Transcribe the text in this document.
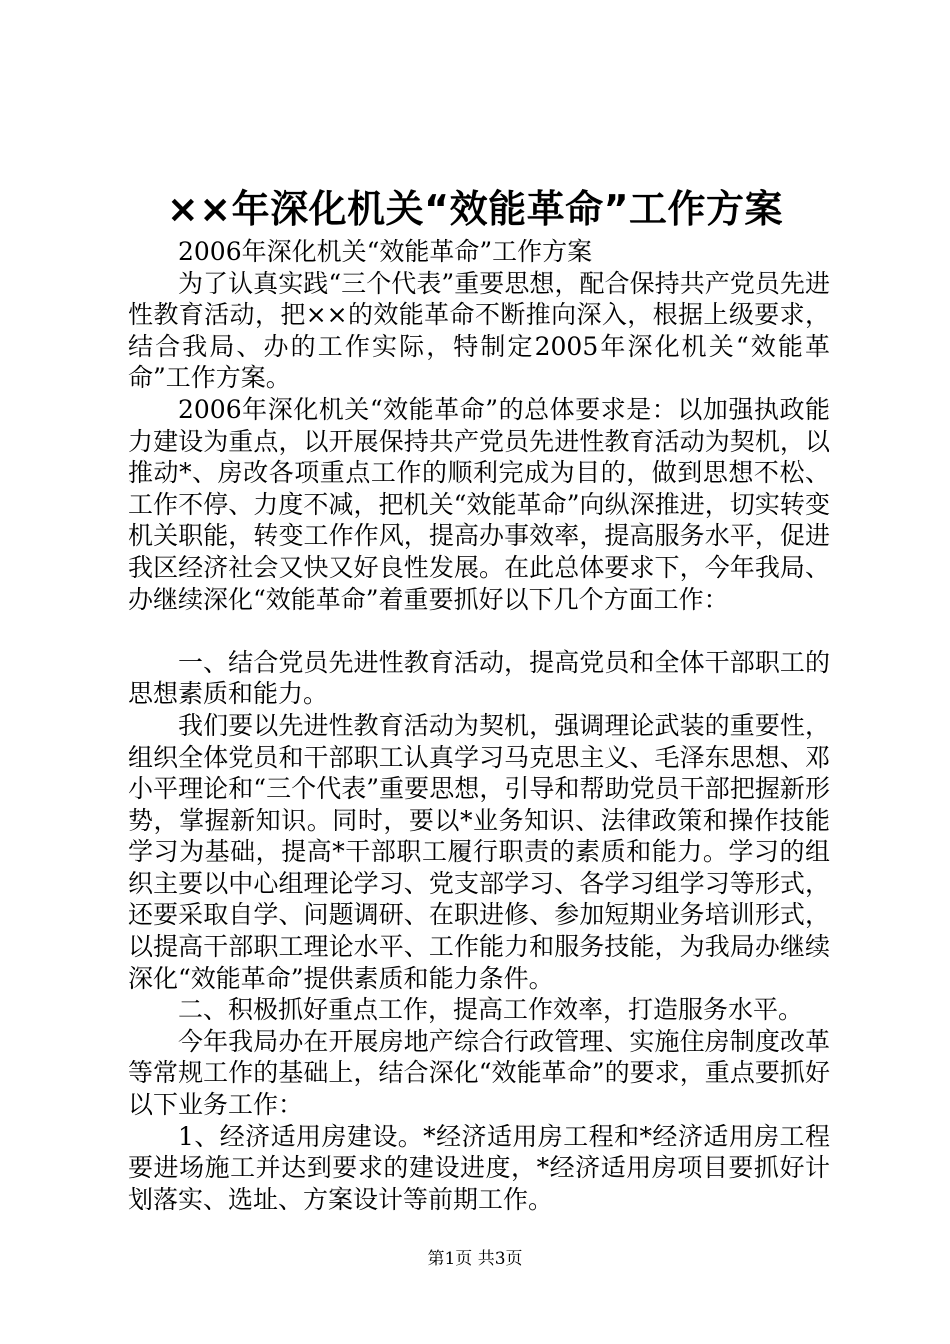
××年深化机关“效能革命”工作方案

2006年深化机关“效能革命”工作方案

为了认真实践“三个代表”重要思想，配合保持共产党员先进性教育活动，把××的效能革命不断推向深入，根据上级要求，结合我局、办的工作实际，特制定2005年深化机关“效能革命”工作方案。

2006年深化机关“效能革命”的总体要求是：以加强执政能力建设为重点，以开展保持共产党员先进性教育活动为契机，以推动*、房改各项重点工作的顺利完成为目的，做到思想不松、工作不停、力度不减，把机关“效能革命”向纵深推进，切实转变机关职能，转变工作作风，提高办事效率，提高服务水平，促进我区经济社会又快又好良性发展。在此总体要求下，今年我局、办继续深化“效能革命”着重要抓好以下几个方面工作：

一、结合党员先进性教育活动，提高党员和全体干部职工的思想素质和能力。

我们要以先进性教育活动为契机，强调理论武装的重要性，组织全体党员和干部职工认真学习马克思主义、毛泽东思想、邓小平理论和“三个代表”重要思想，引导和帮助党员干部把握新形势，掌握新知识。同时，要以*业务知识、法律政策和操作技能学习为基础，提高*干部职工履行职责的素质和能力。学习的组织主要以中心组理论学习、党支部学习、各学习组学习等形式，还要采取自学、问题调研、在职进修、参加短期业务培训形式，以提高干部职工理论水平、工作能力和服务技能，为我局办继续深化“效能革命”提供素质和能力条件。

二、积极抓好重点工作，提高工作效率，打造服务水平。

今年我局办在开展房地产综合行政管理、实施住房制度改革等常规工作的基础上，结合深化“效能革命”的要求，重点要抓好以下业务工作：

1、经济适用房建设。*经济适用房工程和*经济适用房工程要进场施工并达到要求的建设进度，*经济适用房项目要抓好计划落实、选址、方案设计等前期工作。

第1页 共3页
